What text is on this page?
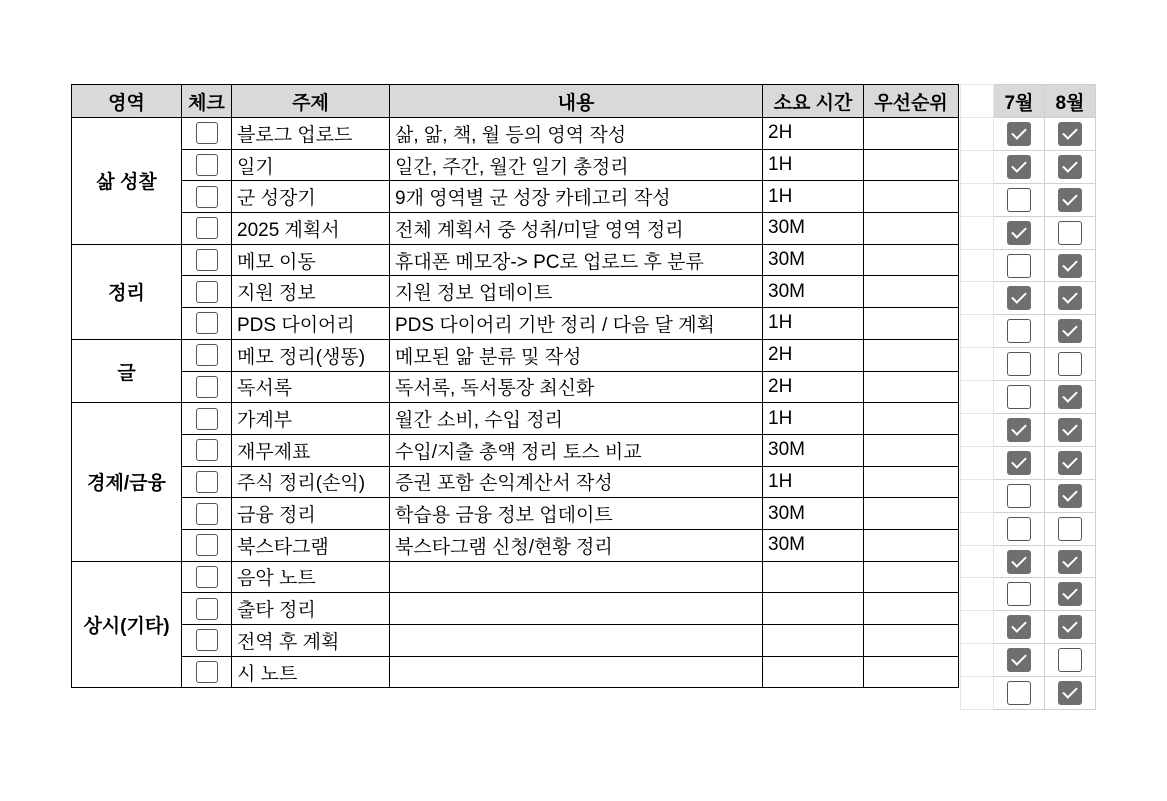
영역	체크	주제	내용	소요 시간	우선순위
삶 성찰		블로그 업로드	삶, 앎, 책, 월 등의 영역 작성	2H	
		일기	일간, 주간, 월간 일기 총정리	1H	
		군 성장기	9개 영역별 군 성장 카테고리 작성	1H	
		2025 계획서	전체 계획서 중 성취/미달 영역 정리	30M	
정리		메모 이동	휴대폰 메모장-> PC로 업로드 후 분류	30M	
		지원 정보	지원 정보 업데이트	30M	
		PDS 다이어리	PDS 다이어리 기반 정리 / 다음 달 계획	1H	
글		메모 정리(생똥)	메모된 앎 분류 및 작성	2H	
		독서록	독서록, 독서통장 최신화	2H	
경제/금융		가계부	월간 소비, 수입 정리	1H	
		재무제표	수입/지출 총액 정리 토스 비교	30M	
		주식 정리(손익)	증권 포함 손익계산서 작성	1H	
		금융 정리	학습용 금융 정보 업데이트	30M	
		북스타그램	북스타그램 신청/현황 정리	30M	
상시(기타)		음악 노트			
		출타 정리			
		전역 후 계획			
		시 노트			
	7월	8월
